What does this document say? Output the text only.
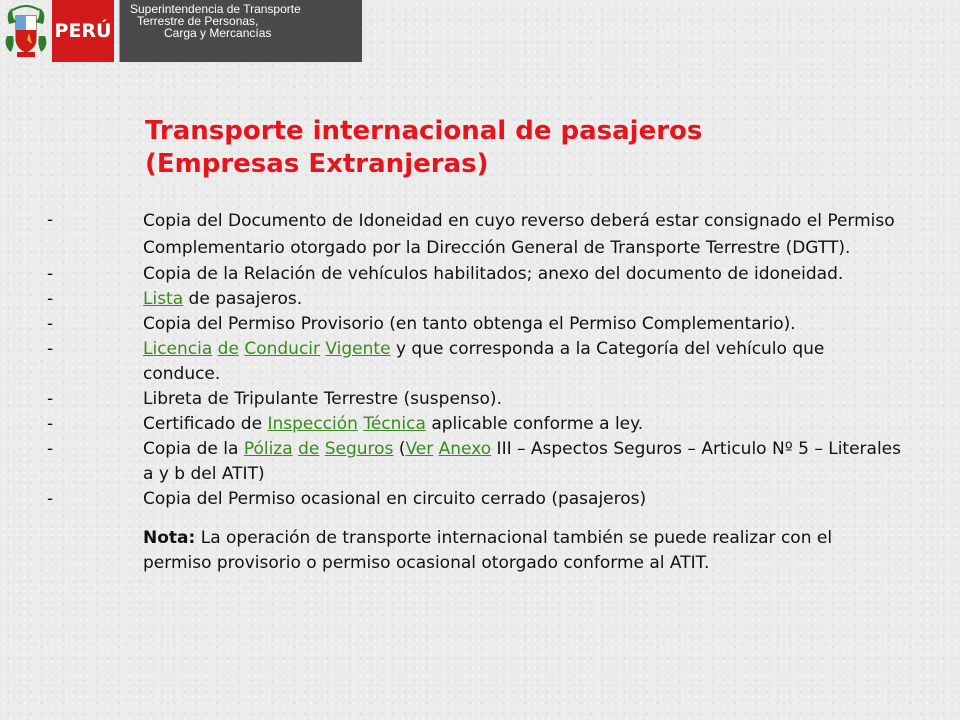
PERÚ
Superintendencia de Transporte
Terrestre de Personas,
Carga y Mercancías
Transporte internacional de pasajeros
(Empresas Extranjeras)
-	Copia del Documento de Idoneidad en cuyo reverso deberá estar consignado el Permiso Complementario otorgado por la Dirección General de Transporte Terrestre (DGTT).
-	Copia de la Relación de vehículos habilitados; anexo del documento de idoneidad.
-	Lista de pasajeros.
-	Copia del Permiso Provisorio (en tanto obtenga el Permiso Complementario).
-	Licencia de Conducir Vigente y que corresponda a la Categoría del vehículo que conduce.
-	Libreta de Tripulante Terrestre (suspenso).
-	Certificado de Inspección Técnica aplicable conforme a ley.
-	Copia de la Póliza de Seguros (Ver Anexo III – Aspectos Seguros – Articulo Nº 5 – Literales a y b del ATIT)
-	Copia del Permiso ocasional en circuito cerrado (pasajeros)
Nota: La operación de transporte internacional también se puede realizar con el permiso provisorio o permiso ocasional otorgado conforme al ATIT.
